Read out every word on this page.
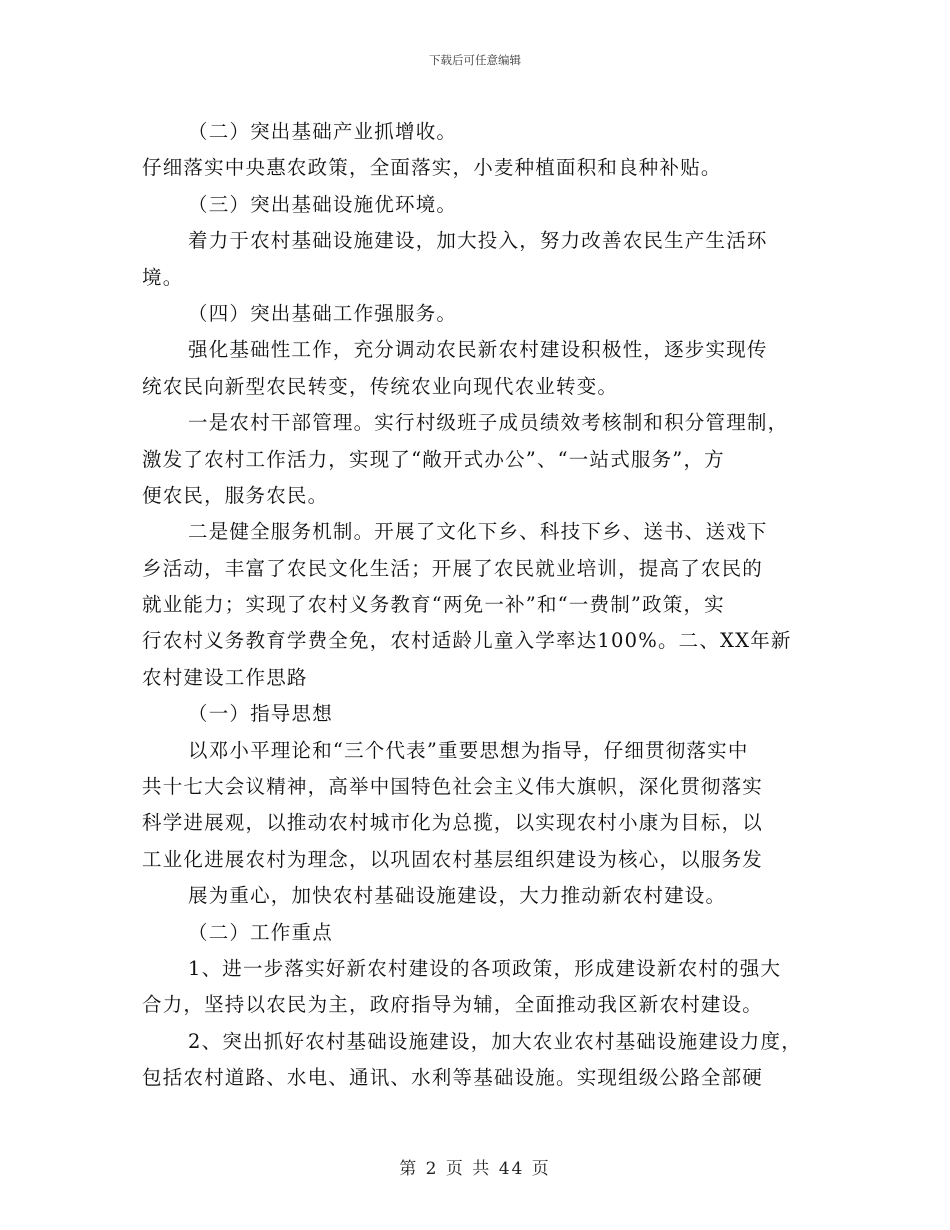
下载后可任意编辑
（二）突出基础产业抓增收。
仔细落实中央惠农政策，全面落实，小麦种植面积和良种补贴。
（三）突出基础设施优环境。
着力于农村基础设施建设，加大投入，努力改善农民生产生活环
境。
（四）突出基础工作强服务。
强化基础性工作，充分调动农民新农村建设积极性，逐步实现传
统农民向新型农民转变，传统农业向现代农业转变。
一是农村干部管理。实行村级班子成员绩效考核制和积分管理制，
激发了农村工作活力，实现了“敞开式办公”、“一站式服务”，方
便农民，服务农民。
二是健全服务机制。开展了文化下乡、科技下乡、送书、送戏下
乡活动，丰富了农民文化生活；开展了农民就业培训，提高了农民的
就业能力；实现了农村义务教育“两免一补”和“一费制”政策，实
行农村义务教育学费全免，农村适龄儿童入学率达100%。二、XX年新
农村建设工作思路
（一）指导思想
以邓小平理论和“三个代表”重要思想为指导，仔细贯彻落实中
共十七大会议精神，高举中国特色社会主义伟大旗帜，深化贯彻落实
科学进展观，以推动农村城市化为总揽，以实现农村小康为目标，以
工业化进展农村为理念，以巩固农村基层组织建设为核心，以服务发
展为重心，加快农村基础设施建设，大力推动新农村建设。
（二）工作重点
1、进一步落实好新农村建设的各项政策，形成建设新农村的强大
合力，坚持以农民为主，政府指导为辅，全面推动我区新农村建设。
2、突出抓好农村基础设施建设，加大农业农村基础设施建设力度，
包括农村道路、水电、通讯、水利等基础设施。实现组级公路全部硬
第 2 页 共 44 页
